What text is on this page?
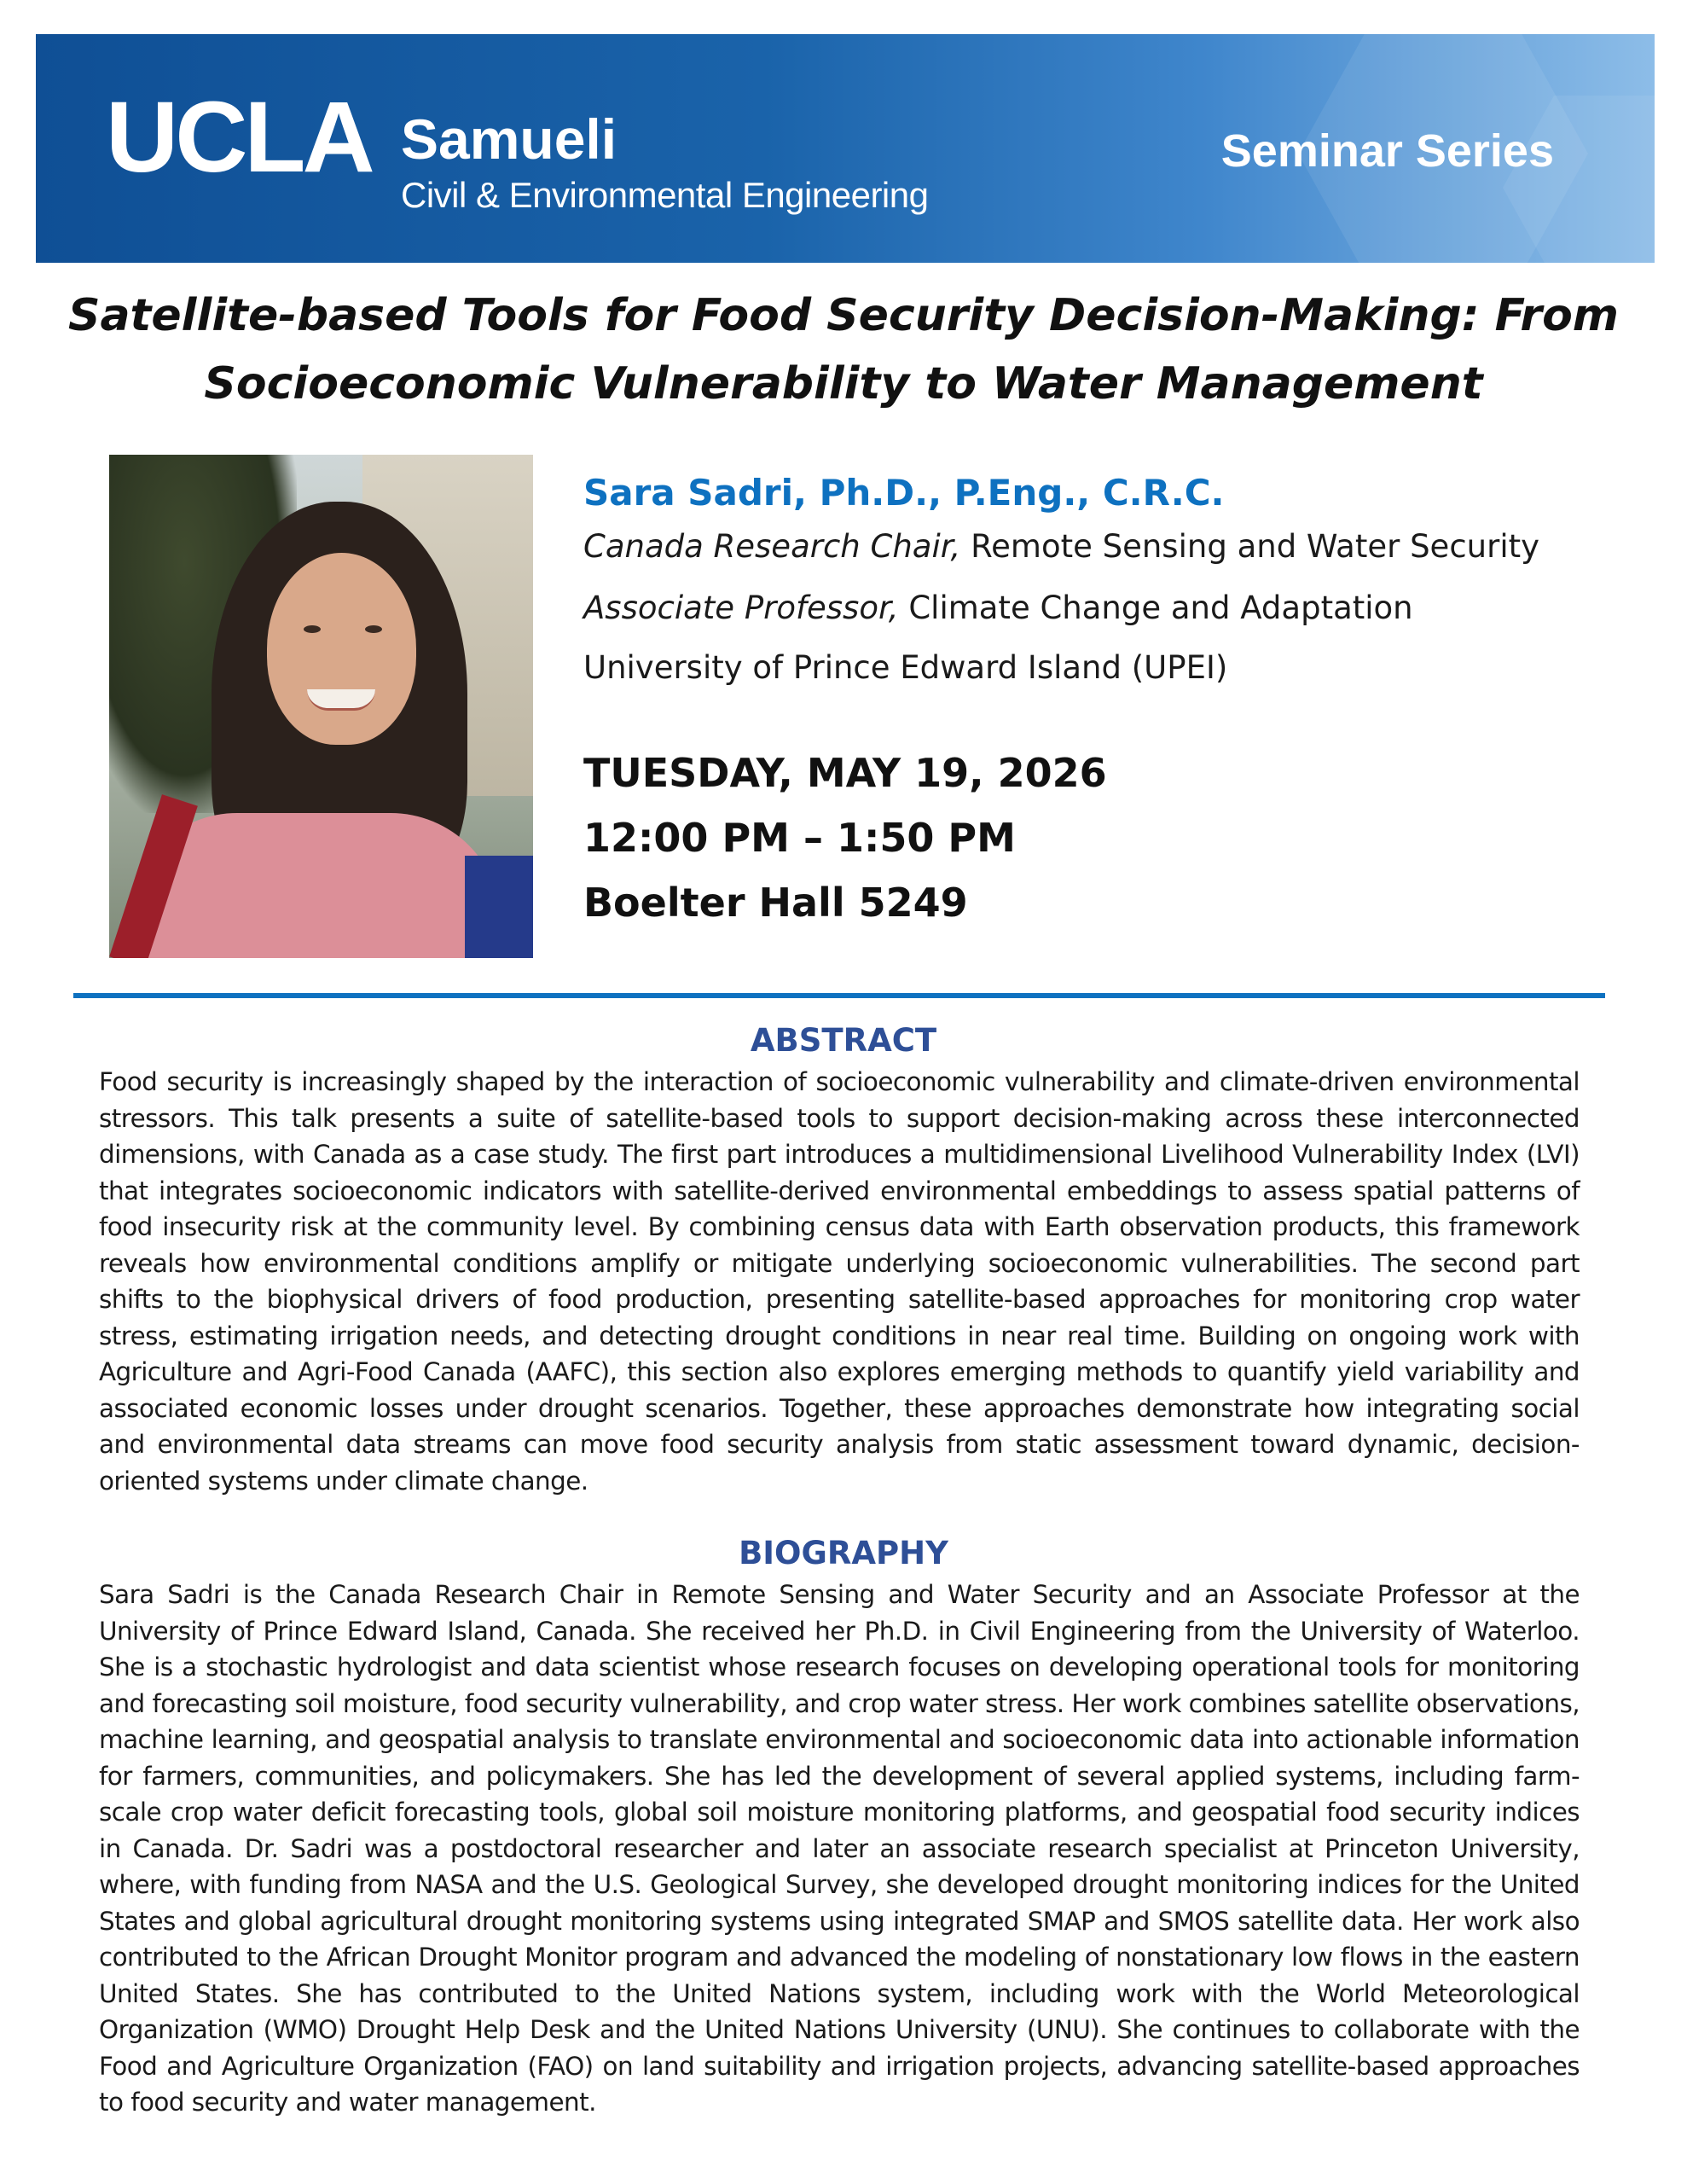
UCLA Samueli
Civil & Environmental Engineering
Seminar Series
Satellite-based Tools for Food Security Decision-Making: From
Socioeconomic Vulnerability to Water Management
Sara Sadri, Ph.D., P.Eng., C.R.C.
Canada Research Chair, Remote Sensing and Water Security
Associate Professor, Climate Change and Adaptation
University of Prince Edward Island (UPEI)
TUESDAY, MAY 19, 2026
12:00 PM – 1:50 PM
Boelter Hall 5249
ABSTRACT

Food security is increasingly shaped by the interaction of socioeconomic vulnerability and climate-driven environmental stressors. This talk presents a suite of satellite-based tools to support decision-making across these interconnected dimensions, with Canada as a case study. The first part introduces a multidimensional Livelihood Vulnerability Index (LVI) that integrates socioeconomic indicators with satellite-derived environmental embeddings to assess spatial patterns of food insecurity risk at the community level. By combining census data with Earth observation products, this framework reveals how environmental conditions amplify or mitigate underlying socioeconomic vulnerabilities. The second part shifts to the biophysical drivers of food production, presenting satellite-based approaches for monitoring crop water stress, estimating irrigation needs, and detecting drought conditions in near real time. Building on ongoing work with Agriculture and Agri-Food Canada (AAFC), this section also explores emerging methods to quantify yield variability and associated economic losses under drought scenarios. Together, these approaches demonstrate how integrating social and environmental data streams can move food security analysis from static assessment toward dynamic, decision-oriented systems under climate change.

BIOGRAPHY

Sara Sadri is the Canada Research Chair in Remote Sensing and Water Security and an Associate Professor at the University of Prince Edward Island, Canada. She received her Ph.D. in Civil Engineering from the University of Waterloo. She is a stochastic hydrologist and data scientist whose research focuses on developing operational tools for monitoring and forecasting soil moisture, food security vulnerability, and crop water stress. Her work combines satellite observations, machine learning, and geospatial analysis to translate environmental and socioeconomic data into actionable information for farmers, communities, and policymakers. She has led the development of several applied systems, including farm-scale crop water deficit forecasting tools, global soil moisture monitoring platforms, and geospatial food security indices in Canada. Dr. Sadri was a postdoctoral researcher and later an associate research specialist at Princeton University, where, with funding from NASA and the U.S. Geological Survey, she developed drought monitoring indices for the United States and global agricultural drought monitoring systems using integrated SMAP and SMOS satellite data. Her work also contributed to the African Drought Monitor program and advanced the modeling of nonstationary low flows in the eastern United States. She has contributed to the United Nations system, including work with the World Meteorological Organization (WMO) Drought Help Desk and the United Nations University (UNU). She continues to collaborate with the Food and Agriculture Organization (FAO) on land suitability and irrigation projects, advancing satellite-based approaches to food security and water management.
